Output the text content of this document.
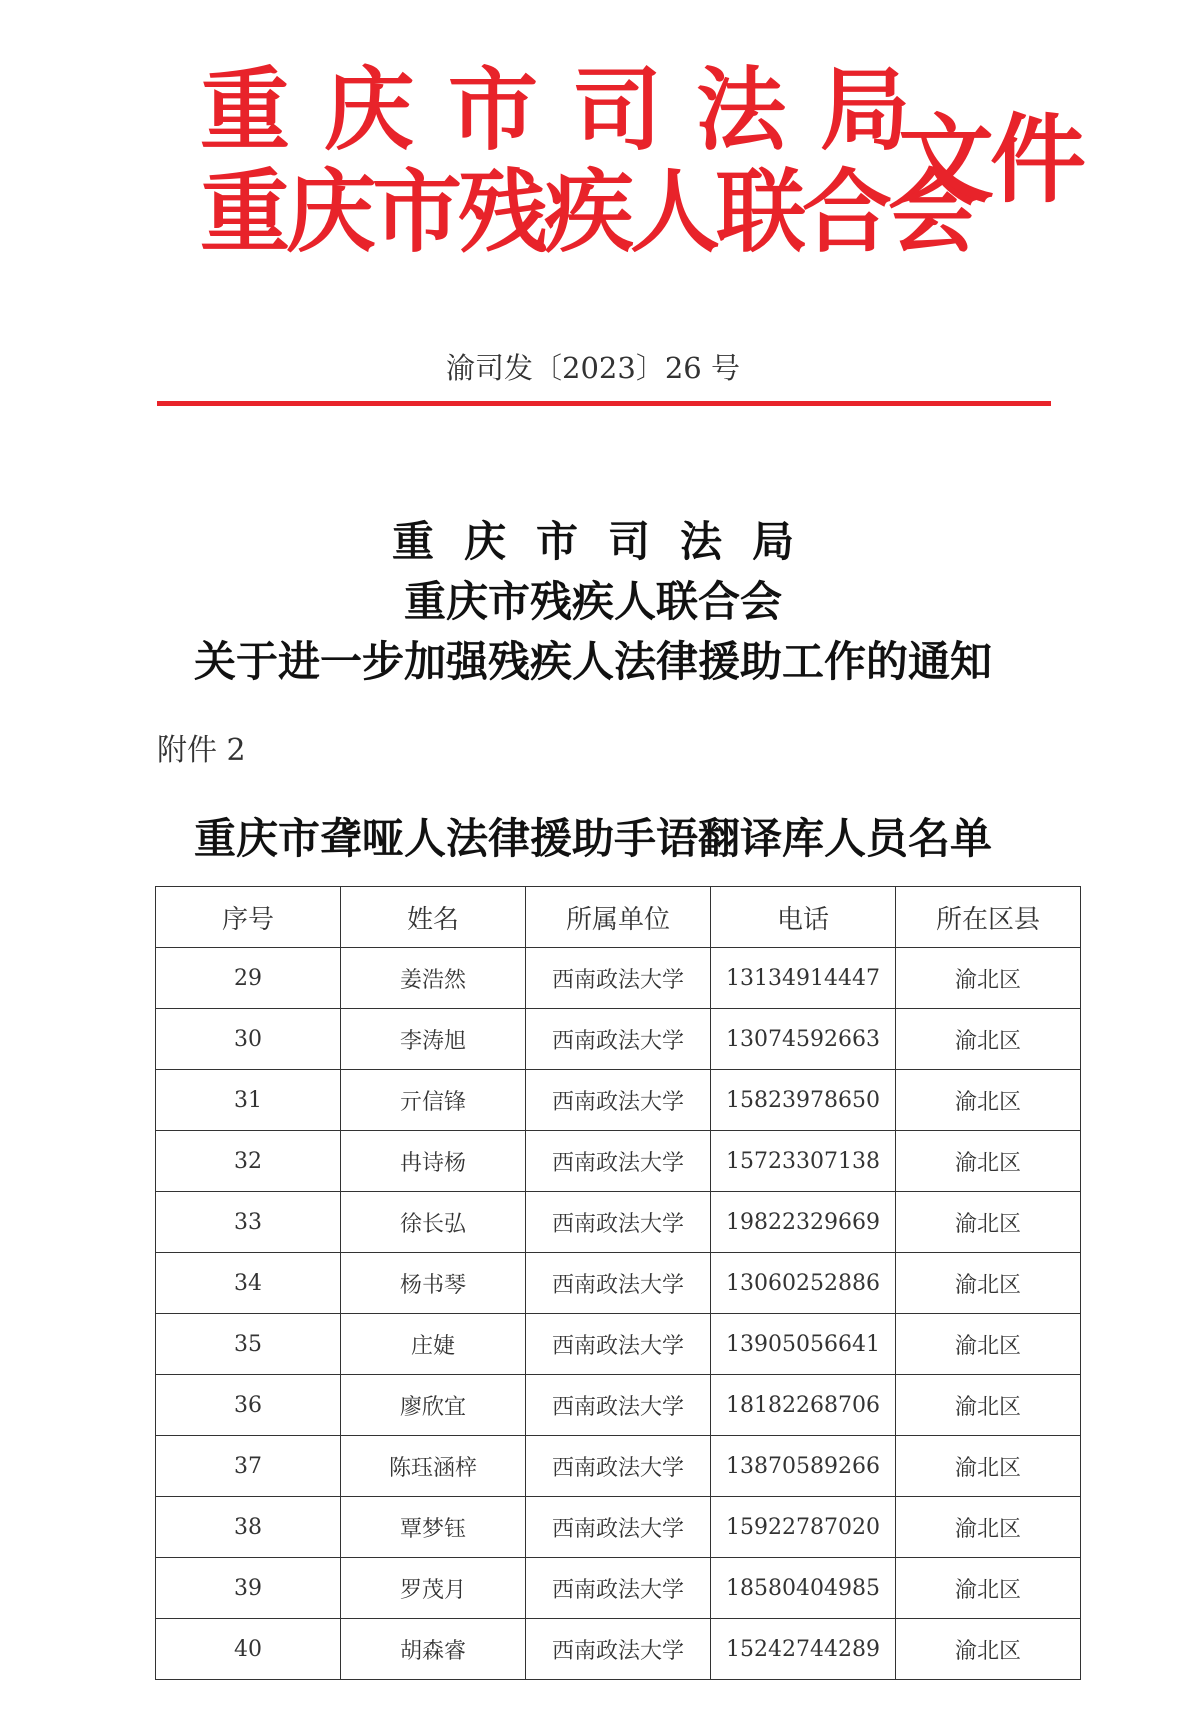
重庆市司法局
重庆市残疾人联合会
文件
渝司发〔2023〕26 号
重庆市司法局
重庆市残疾人联合会
关于进一步加强残疾人法律援助工作的通知
附件 2
重庆市聋哑人法律援助手语翻译库人员名单
序号	姓名	所属单位	电话	所在区县
29	姜浩然	西南政法大学	13134914447	渝北区
30	李涛旭	西南政法大学	13074592663	渝北区
31	亓信锋	西南政法大学	15823978650	渝北区
32	冉诗杨	西南政法大学	15723307138	渝北区
33	徐长弘	西南政法大学	19822329669	渝北区
34	杨书琴	西南政法大学	13060252886	渝北区
35	庄婕	西南政法大学	13905056641	渝北区
36	廖欣宜	西南政法大学	18182268706	渝北区
37	陈珏涵梓	西南政法大学	13870589266	渝北区
38	覃梦钰	西南政法大学	15922787020	渝北区
39	罗茂月	西南政法大学	18580404985	渝北区
40	胡森睿	西南政法大学	15242744289	渝北区
